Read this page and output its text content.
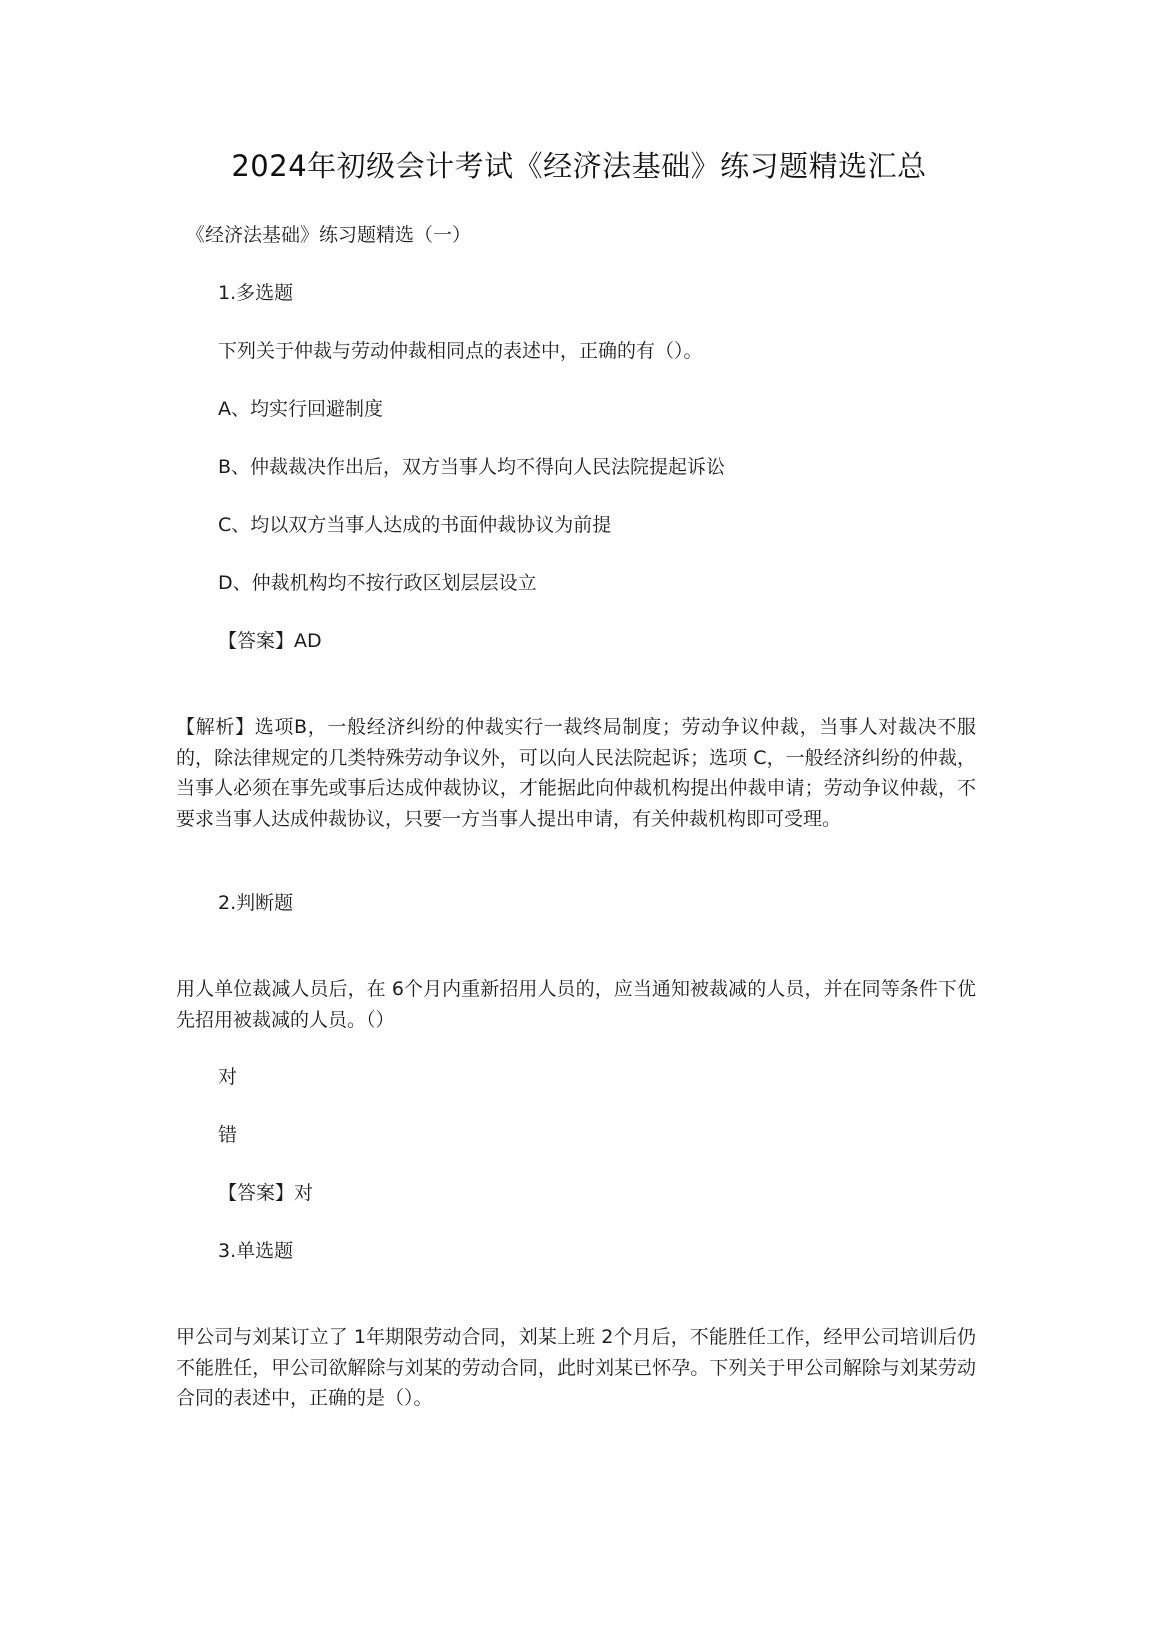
2024年初级会计考试《经济法基础》练习题精选汇总

《经济法基础》练习题精选（一）

1.多选题

下列关于仲裁与劳动仲裁相同点的表述中，正确的有（）。

A、均实行回避制度

B、仲裁裁决作出后，双方当事人均不得向人民法院提起诉讼

C、均以双方当事人达成的书面仲裁协议为前提

D、仲裁机构均不按行政区划层层设立

【答案】AD

【解析】选项B，一般经济纠纷的仲裁实行一裁终局制度；劳动争议仲裁，当事人对裁决不服的，除法律规定的几类特殊劳动争议外，可以向人民法院起诉；选项 C，一般经济纠纷的仲裁，当事人必须在事先或事后达成仲裁协议，才能据此向仲裁机构提出仲裁申请；劳动争议仲裁，不要求当事人达成仲裁协议，只要一方当事人提出申请，有关仲裁机构即可受理。

2.判断题

用人单位裁减人员后，在 6个月内重新招用人员的，应当通知被裁减的人员，并在同等条件下优先招用被裁减的人员。（）

对

错

【答案】对

3.单选题

甲公司与刘某订立了 1年期限劳动合同，刘某上班 2个月后，不能胜任工作，经甲公司培训后仍不能胜任，甲公司欲解除与刘某的劳动合同，此时刘某已怀孕。下列关于甲公司解除与刘某劳动合同的表述中，正确的是（）。
